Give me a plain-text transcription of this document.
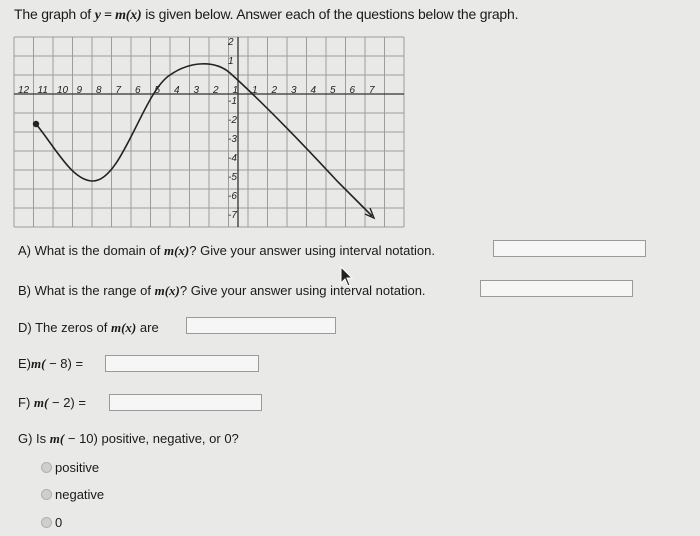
The graph of y = m(x) is given below. Answer each of the questions below the graph.
12 11 10 9 8 7 6 5 4 3 2 1 1 2 3 4 5 6 7
2
1
-1
-2
-3
-4
-5
-6
-7
A) What is the domain of m(x)? Give your answer using interval notation.
B) What is the range of m(x)? Give your answer using interval notation.
D) The zeros of m(x) are
E)m( − 8) =
F) m( − 2) =
G) Is m( − 10) positive, negative, or 0?
positive
negative
0
